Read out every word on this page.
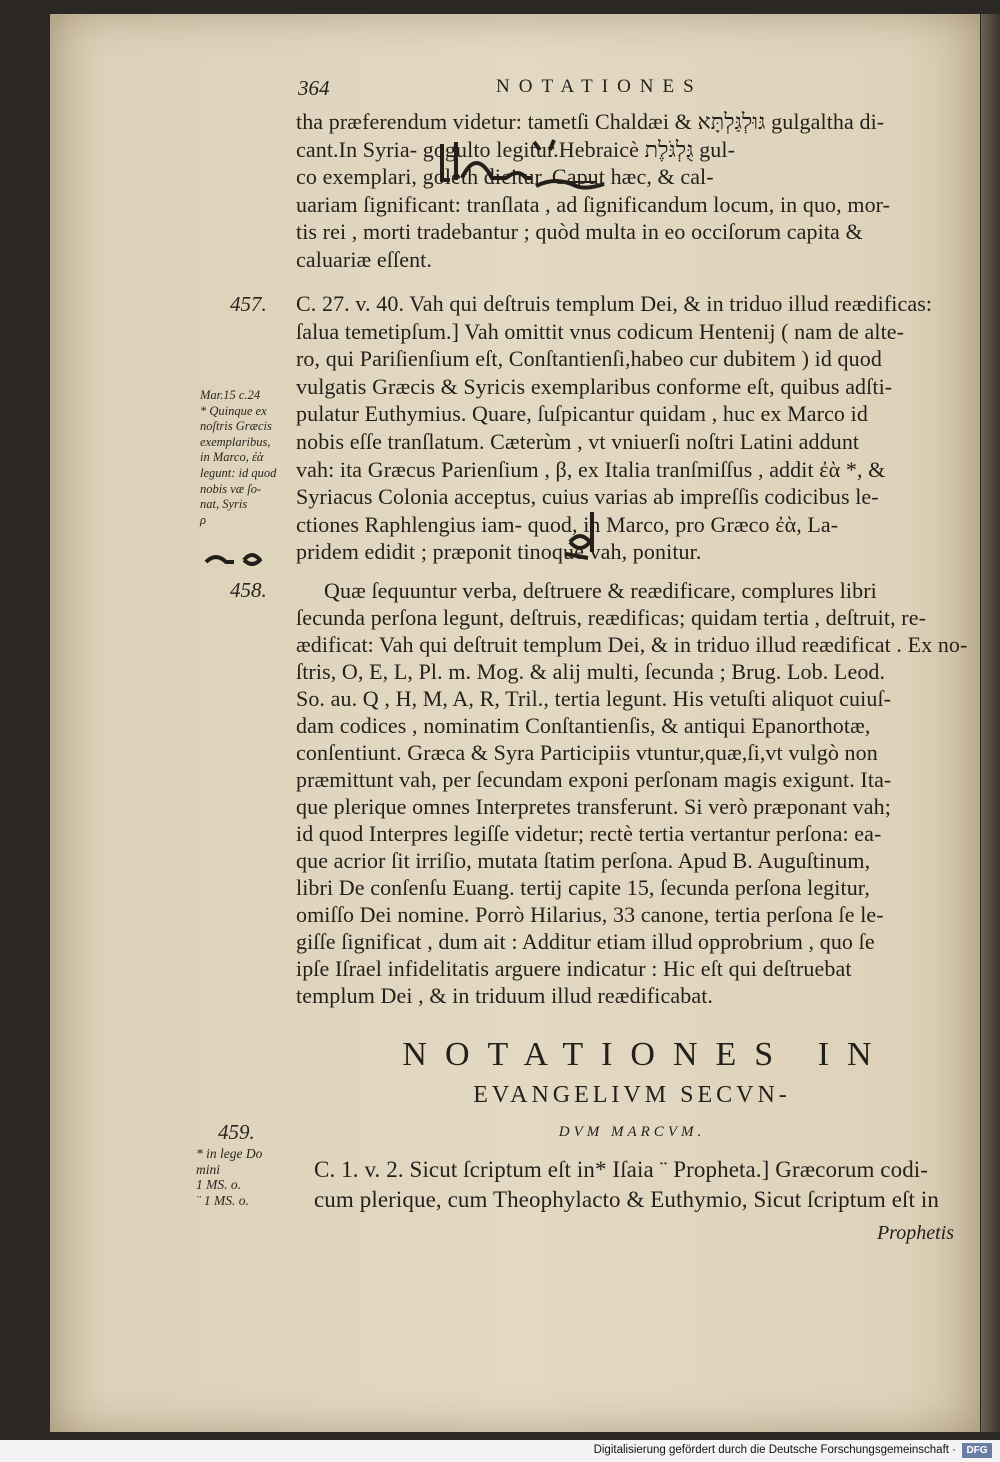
364	NOTATIONES
tha præferendum videtur: tametſi Chaldæi & גּוּלְגַּלְתָּא gulgaltha di-
cant.In Syria- gogulto legitur.Hebraicè גֻּלְגֹּלֶת gul-
co exemplari, goleth dicitur. Caput hæc, & cal-
uariam ſignificant: tranſlata , ad ſignificandum locum, in quo, mor-
tis rei , morti tradebantur ; quòd multa in eo occiſorum capita &
caluariæ eſſent.
457. C. 27. v. 40. Vah qui deſtruis templum Dei, & in triduo illud reædificas:
ſalua temetipſum.] Vah omittit vnus codicum Hentenij ( nam de alte-
ro, qui Pariſienſium eſt, Conſtantienſi,habeo cur dubitem ) id quod
vulgatis Græcis & Syricis exemplaribus conforme eſt, quibus adſti-
pulatur Euthymius. Quare, ſuſpicantur quidam , huc ex Marco id
nobis eſſe tranſlatum. Cæterùm , vt vniuerſi noſtri Latini addunt
vah: ita Græcus Parienſium , β, ex Italia tranſmiſſus , addit ἐὰ *, &
Syriacus Colonia acceptus, cuius varias ab impreſſis codicibus le-
ctiones Raphlengius iam- quod, in Marco, pro Græco ἐὰ, La-
pridem edidit ; præponit tinoque vah, ponitur.
Mar.15 c.24
* Quinque ex
noſtris Græcis
exemplaribus,
in Marco, ἐὰ
legunt: id quod
nobis væ ſo-
nat, Syris
ρ
458.	Quæ ſequuntur verba, deſtruere & reædificare, complures libri
ſecunda perſona legunt, deſtruis, reædificas; quidam tertia , deſtruit, re-
ædificat: Vah qui deſtruit templum Dei, & in triduo illud reædificat . Ex no-
ſtris, O, E, L, Pl. m. Mog. & alij multi, ſecunda ; Brug. Lob. Leod.
So. au. Q , H, M, A, R, Tril., tertia legunt. His vetuſti aliquot cuiuſ-
dam codices , nominatim Conſtantienſis, & antiqui Epanorthotæ,
conſentiunt. Græca & Syra Participiis vtuntur,quæ,ſi,vt vulgò non
præmittunt vah, per ſecundam exponi perſonam magis exigunt. Ita-
que plerique omnes Interpretes transferunt. Si verò præponant vah;
id quod Interpres legiſſe videtur; rectè tertia vertantur perſona: ea-
que acrior ſit irriſio, mutata ſtatim perſona. Apud B. Auguſtinum,
libri De conſenſu Euang. tertij capite 15, ſecunda perſona legitur,
omiſſo Dei nomine. Porrò Hilarius, 33 canone, tertia perſona ſe le-
giſſe ſignificat , dum ait : Additur etiam illud opprobrium , quo ſe
ipſe Iſrael infidelitatis arguere indicatur : Hic eſt qui deſtruebat
templum Dei , & in triduum illud reædificabat.
NOTATIONES IN
EVANGELIVM SECVN-
DVM MARCVM.
459.
C. 1. v. 2. Sicut ſcriptum eſt in* Iſaia ¨ Propheta.] Græcorum codi-
cum plerique, cum Theophylacto & Euthymio, Sicut ſcriptum eſt in
* in lege Do
mini
1 MS. o.
¨ 1 MS. o.
Prophetis
Digitalisierung gefördert durch die Deutsche Forschungsgemeinschaft ·	DFG
